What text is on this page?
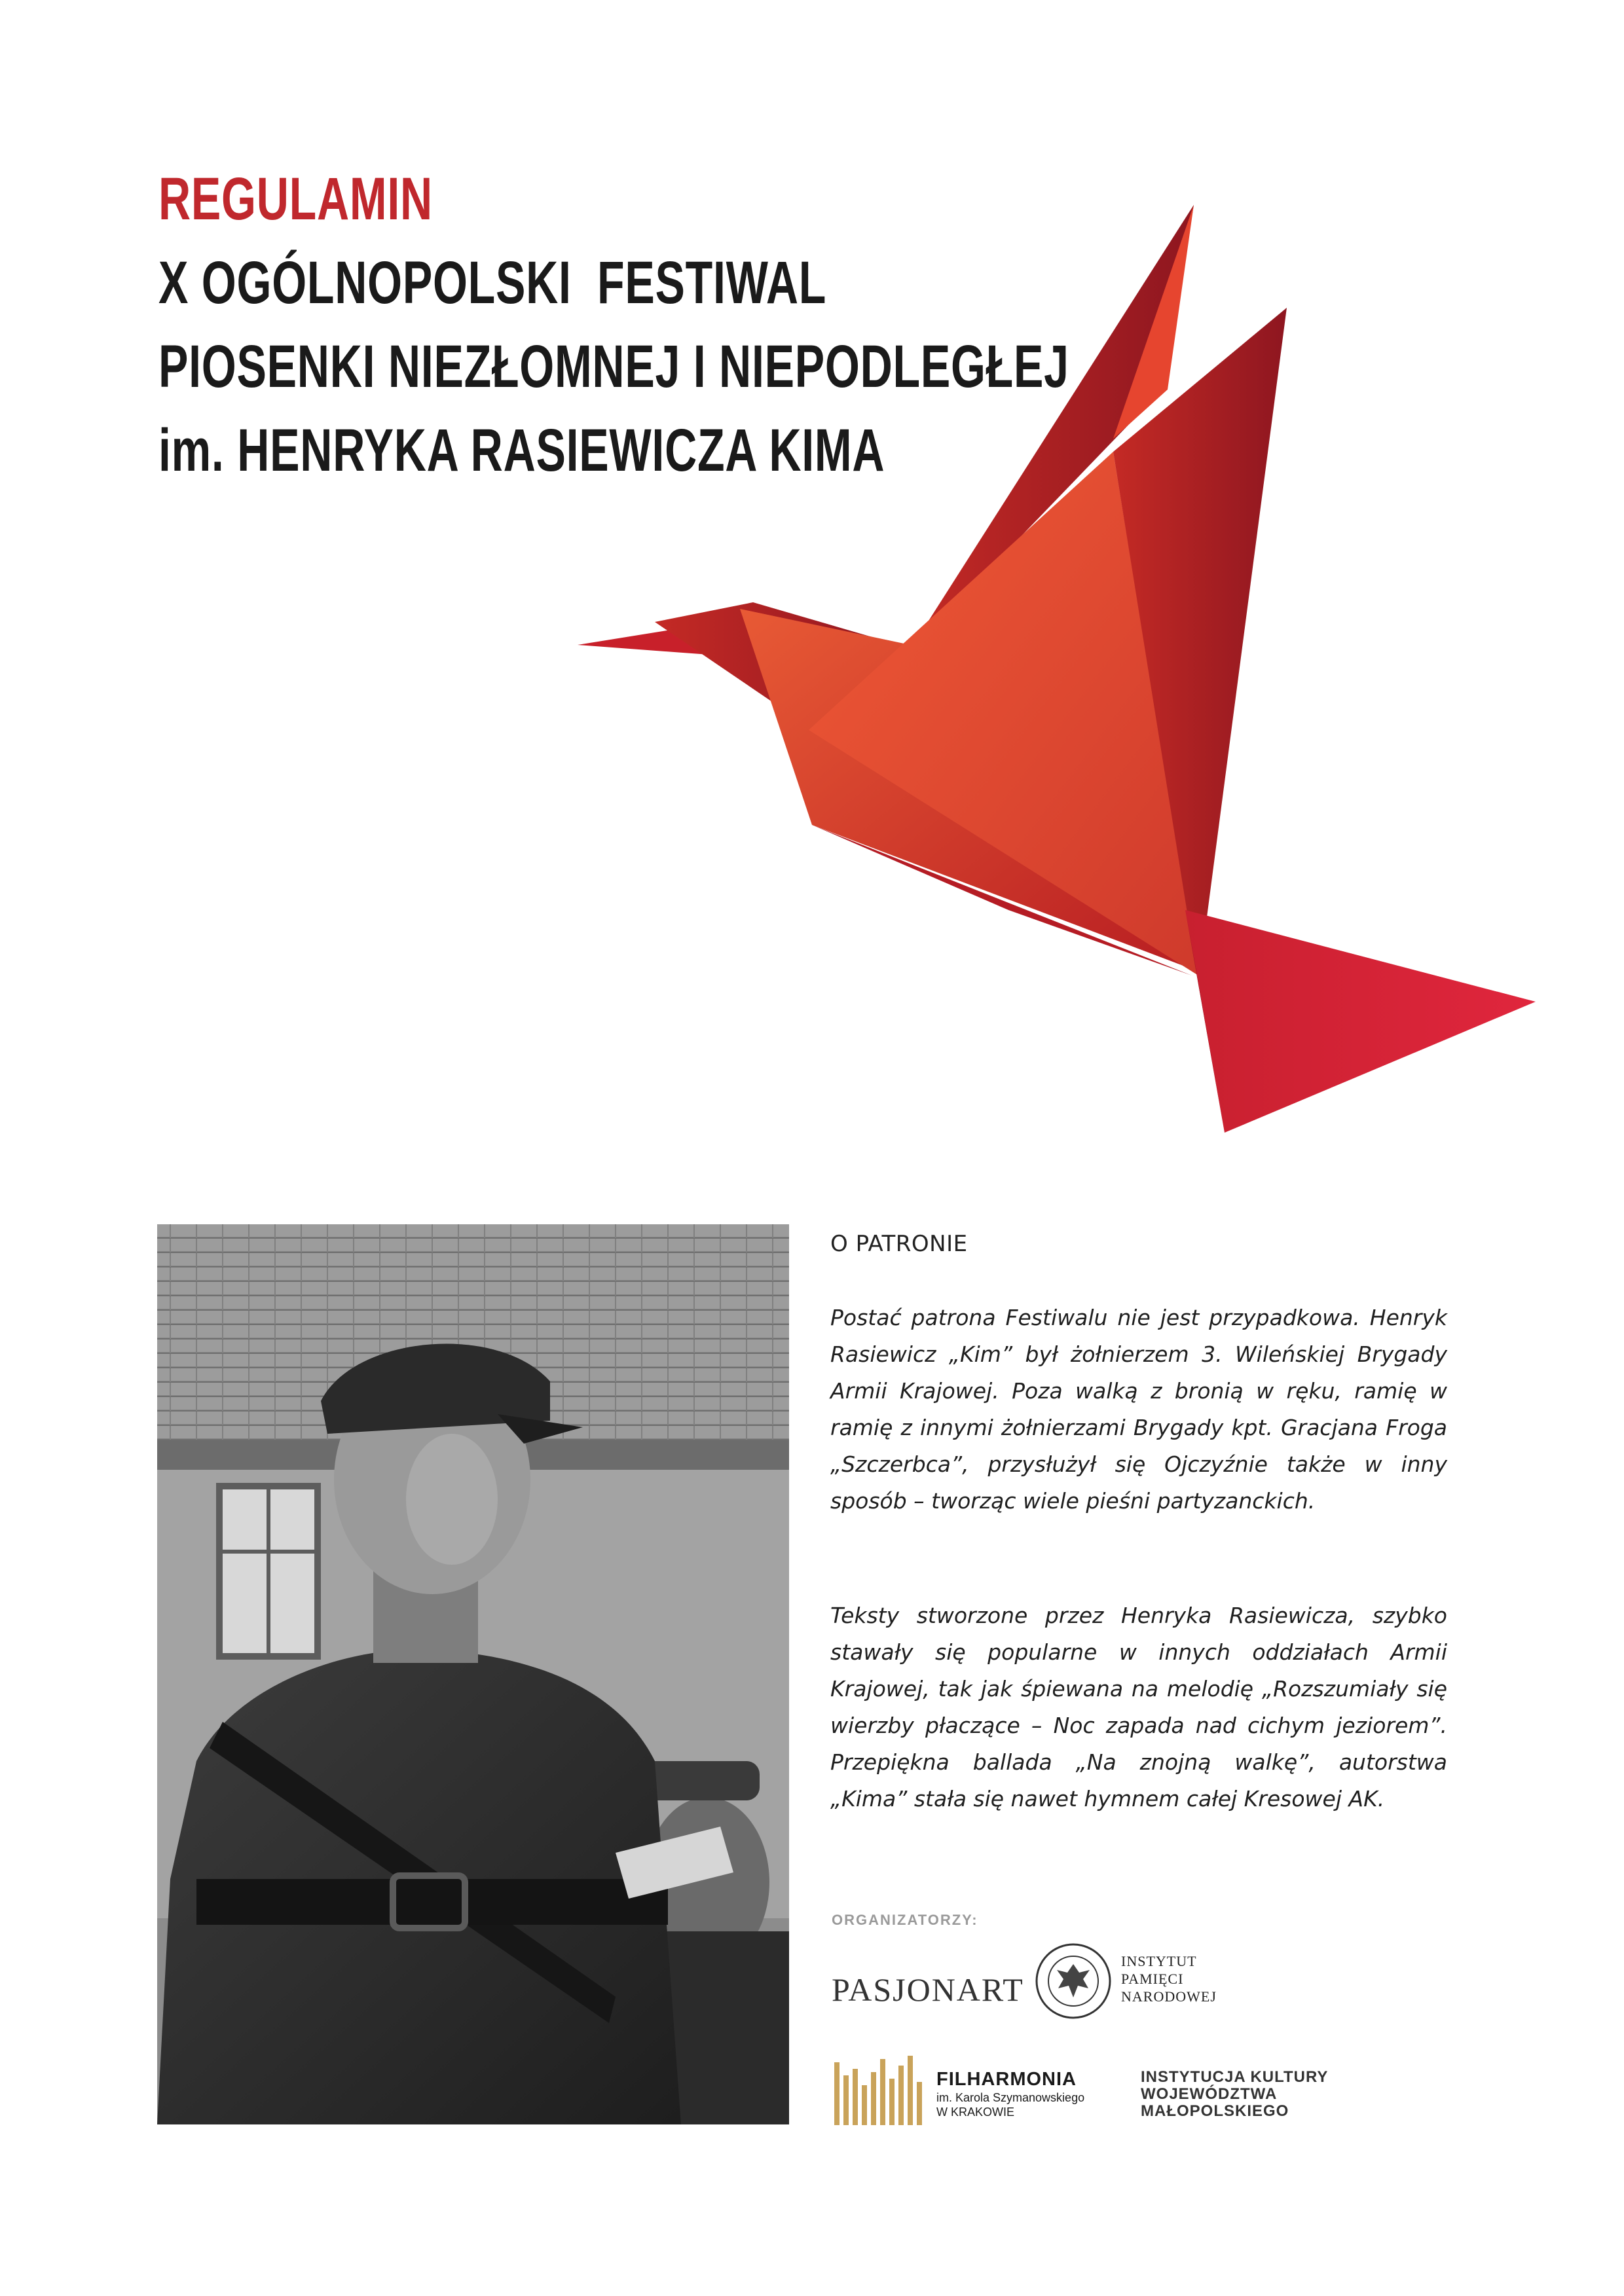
REGULAMIN
X OGÓLNOPOLSKI  FESTIWAL
PIOSENKI NIEZŁOMNEJ I NIEPODLEGŁEJ
im. HENRYKA RASIEWICZA KIMA
O PATRONIE
Postać patrona Festiwalu nie jest przypadkowa. Henryk Rasiewicz „Kim” był żołnierzem 3. Wileńskiej Brygady Armii Krajowej. Poza walką z bronią w ręku, ramię w ramię z innymi żołnierzami Brygady kpt. Gracjana Froga „Szczerbca”, przysłużył się Ojczyźnie także w inny sposób – tworząc wiele pieśni partyzanckich.
Teksty stworzone przez Henryka Rasiewicza, szybko stawały się popularne w innych oddziałach Armii Krajowej, tak jak śpiewana na melodię „Rozszumiały się wierzby płaczące – Noc zapada nad cichym jeziorem”. Przepiękna ballada „Na znojną walkę”, autorstwa „Kima” stała się nawet hymnem całej Kresowej AK.
ORGANIZATORZY:
PASJONART
INSTYTUT
PAMIĘCI
NARODOWEJ
FILHARMONIA
im. Karola Szymanowskiego
W KRAKOWIE
INSTYTUCJA KULTURY
WOJEWÓDZTWA
MAŁOPOLSKIEGO
